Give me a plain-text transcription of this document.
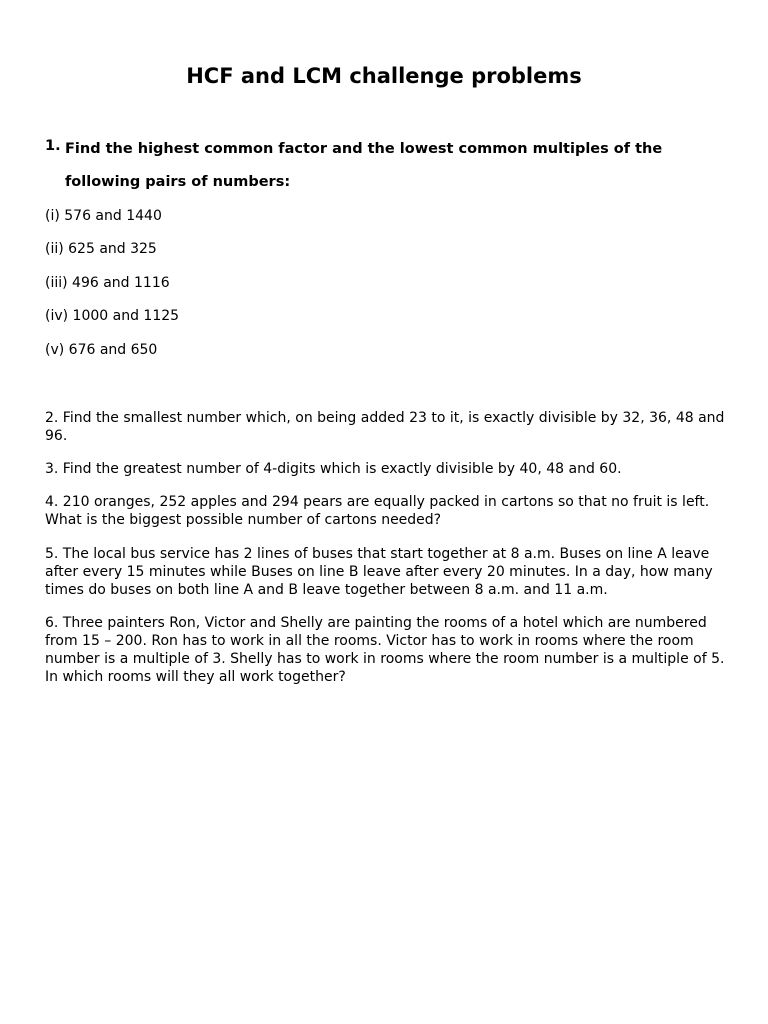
HCF and LCM challenge problems
1. Find the highest common factor and the lowest common multiples of the
following pairs of numbers:
(i) 576 and 1440
(ii) 625 and 325
(iii) 496 and 1116
(iv) 1000 and 1125
(v) 676 and 650

2. Find the smallest number which, on being added 23 to it, is exactly divisible by 32, 36, 48 and 96.

3. Find the greatest number of 4-digits which is exactly divisible by 40, 48 and 60.

4. 210 oranges, 252 apples and 294 pears are equally packed in cartons so that no fruit is left. What is the biggest possible number of cartons needed?

5. The local bus service has 2 lines of buses that start together at 8 a.m. Buses on line A leave after every 15 minutes while Buses on line B leave after every 20 minutes. In a day, how many times do buses on both line A and B leave together between 8 a.m. and 11 a.m.

6. Three painters Ron, Victor and Shelly are painting the rooms of a hotel which are numbered from 15 – 200. Ron has to work in all the rooms. Victor has to work in rooms where the room number is a multiple of 3. Shelly has to work in rooms where the room number is a multiple of 5. In which rooms will they all work together?
